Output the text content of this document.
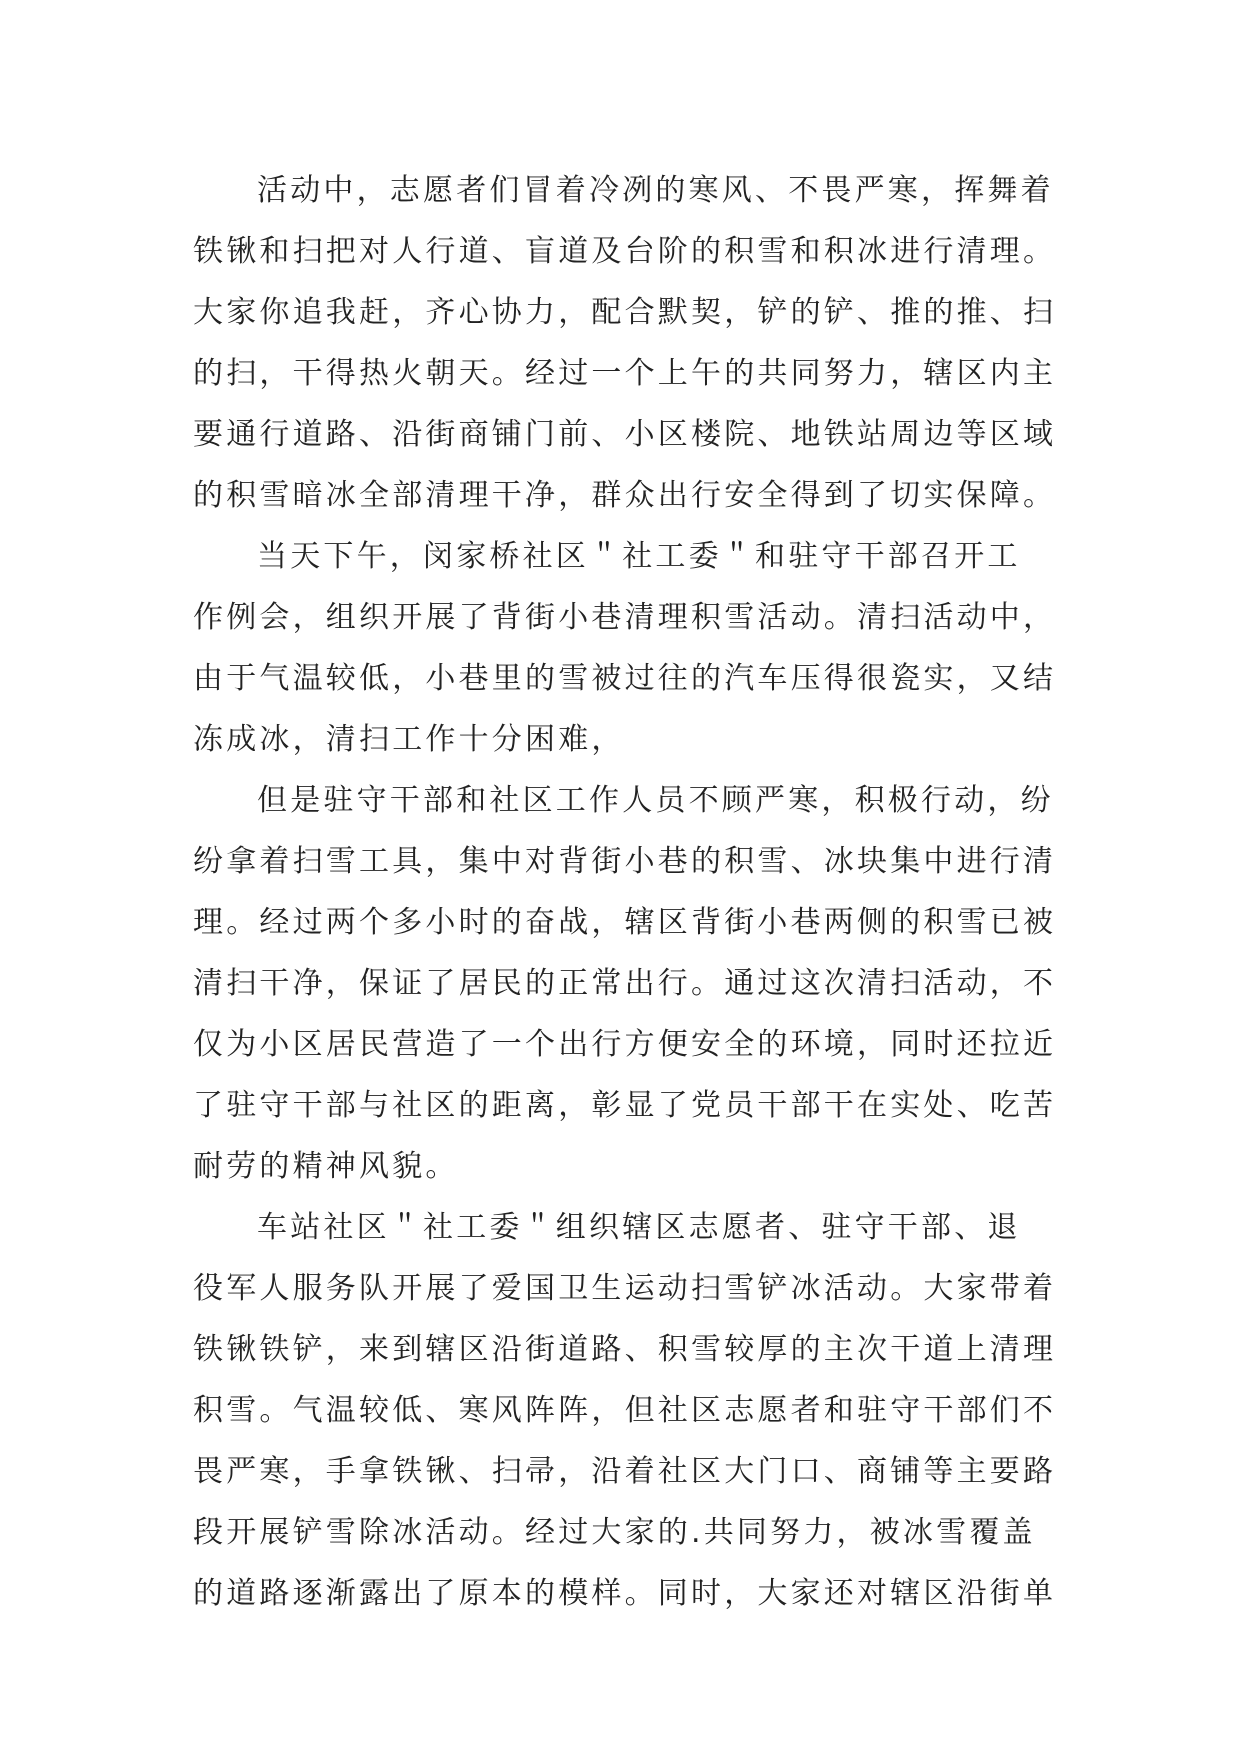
活动中，志愿者们冒着冷冽的寒风、不畏严寒，挥舞着
铁锹和扫把对人行道、盲道及台阶的积雪和积冰进行清理。
大家你追我赶，齐心协力，配合默契，铲的铲、推的推、扫
的扫，干得热火朝天。经过一个上午的共同努力，辖区内主
要通行道路、沿街商铺门前、小区楼院、地铁站周边等区域
的积雪暗冰全部清理干净，群众出行安全得到了切实保障。
当天下午，闵家桥社区＂社工委＂和驻守干部召开工
作例会，组织开展了背街小巷清理积雪活动。清扫活动中，
由于气温较低，小巷里的雪被过往的汽车压得很瓷实，又结
冻成冰，清扫工作十分困难，
但是驻守干部和社区工作人员不顾严寒，积极行动，纷
纷拿着扫雪工具，集中对背街小巷的积雪、冰块集中进行清
理。经过两个多小时的奋战，辖区背街小巷两侧的积雪已被
清扫干净，保证了居民的正常出行。通过这次清扫活动，不
仅为小区居民营造了一个出行方便安全的环境，同时还拉近
了驻守干部与社区的距离，彰显了党员干部干在实处、吃苦
耐劳的精神风貌。
车站社区＂社工委＂组织辖区志愿者、驻守干部、退
役军人服务队开展了爱国卫生运动扫雪铲冰活动。大家带着
铁锹铁铲，来到辖区沿街道路、积雪较厚的主次干道上清理
积雪。气温较低、寒风阵阵，但社区志愿者和驻守干部们不
畏严寒，手拿铁锹、扫帚，沿着社区大门口、商铺等主要路
段开展铲雪除冰活动。经过大家的.共同努力，被冰雪覆盖
的道路逐渐露出了原本的模样。同时，大家还对辖区沿街单
